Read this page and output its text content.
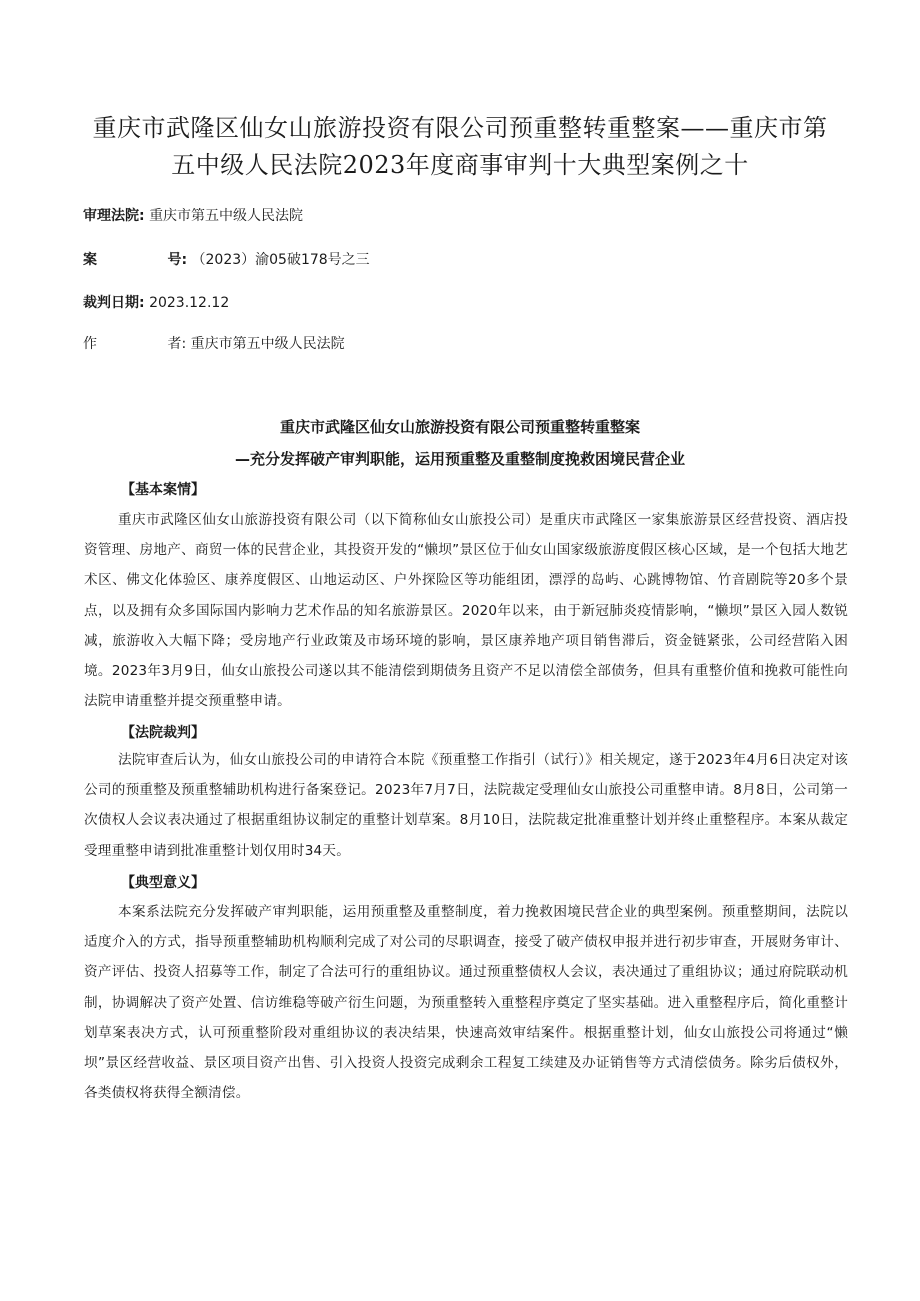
重庆市武隆区仙女山旅游投资有限公司预重整转重整案——重庆市第
五中级人民法院2023年度商事审判十大典型案例之十

审理法院: 重庆市第五中级人民法院

案	号: （2023）渝05破178号之三

裁判日期: 2023.12.12

作	者: 重庆市第五中级人民法院

重庆市武隆区仙女山旅游投资有限公司预重整转重整案

—充分发挥破产审判职能，运用预重整及重整制度挽救困境民营企业

【基本案情】

重庆市武隆区仙女山旅游投资有限公司（以下简称仙女山旅投公司）是重庆市武隆区一家集旅游景区经营投资、酒店投资管理、房地产、商贸一体的民营企业，其投资开发的“懒坝”景区位于仙女山国家级旅游度假区核心区域，是一个包括大地艺术区、佛文化体验区、康养度假区、山地运动区、户外探险区等功能组团，漂浮的岛屿、心跳博物馆、竹音剧院等20多个景点，以及拥有众多国际国内影响力艺术作品的知名旅游景区。2020年以来，由于新冠肺炎疫情影响，“懒坝”景区入园人数锐减，旅游收入大幅下降；受房地产行业政策及市场环境的影响，景区康养地产项目销售滞后，资金链紧张，公司经营陷入困境。2023年3月9日，仙女山旅投公司遂以其不能清偿到期债务且资产不足以清偿全部债务，但具有重整价值和挽救可能性向法院申请重整并提交预重整申请。

【法院裁判】

法院审查后认为，仙女山旅投公司的申请符合本院《预重整工作指引（试行）》相关规定，遂于2023年4月6日决定对该公司的预重整及预重整辅助机构进行备案登记。2023年7月7日，法院裁定受理仙女山旅投公司重整申请。8月8日，公司第一次债权人会议表决通过了根据重组协议制定的重整计划草案。8月10日，法院裁定批准重整计划并终止重整程序。本案从裁定受理重整申请到批准重整计划仅用时34天。

【典型意义】

本案系法院充分发挥破产审判职能，运用预重整及重整制度，着力挽救困境民营企业的典型案例。预重整期间，法院以适度介入的方式，指导预重整辅助机构顺利完成了对公司的尽职调查，接受了破产债权申报并进行初步审查，开展财务审计、资产评估、投资人招募等工作，制定了合法可行的重组协议。通过预重整债权人会议，表决通过了重组协议；通过府院联动机制，协调解决了资产处置、信访维稳等破产衍生问题，为预重整转入重整程序奠定了坚实基础。进入重整程序后，简化重整计划草案表决方式，认可预重整阶段对重组协议的表决结果，快速高效审结案件。根据重整计划，仙女山旅投公司将通过“懒坝”景区经营收益、景区项目资产出售、引入投资人投资完成剩余工程复工续建及办证销售等方式清偿债务。除劣后债权外，各类债权将获得全额清偿。
